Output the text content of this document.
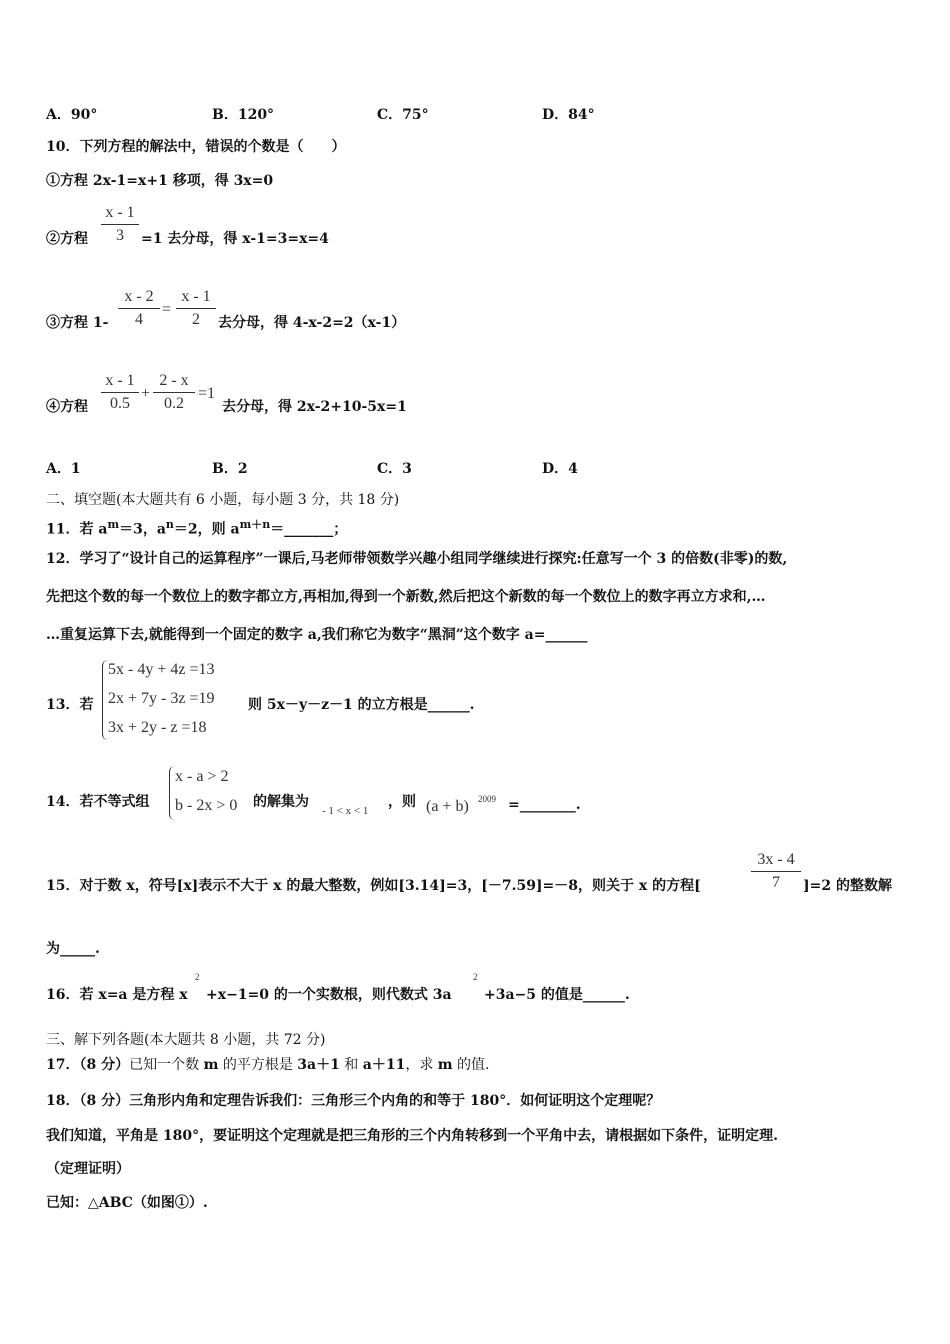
A．90°	B．120°	C．75°	D．84°
10．下列方程的解法中，错误的个数是（　　）
①方程 2x-1=x+1 移项，得 3x=0
②方程
x - 1
3	=1 去分母，得 x-1=3=x=4
③方程 1-
x - 2
4
=
x - 1
2	去分母，得 4-x-2=2（x-1）
④方程
x - 1
0.5
+
2 - x
0.2
=1
去分母，得 2x-2+10-5x=1
A．1	B．2	C．3	D．4
二、填空题(本大题共有 6 小题，每小题 3 分，共 18 分)
11．若 $a^m=3$，$a^n=2$，则 $a^{m+n}=\_\_\_\_\_\_\_$；
12．学习了“设计自己的运算程序”一课后,马老师带领数学兴趣小组同学继续进行探究:任意写一个 3 的倍数(非零)的数,
先把这个数的每一个数位上的数字都立方,再相加,得到一个新数,然后把这个新数的每一个数位上的数字再立方求和,…
…重复运算下去,就能得到一个固定的数字 a,我们称它为数字“黑洞”这个数字 a=______
13．若
5x - 4y + 4z =13
2x + 7y - 3z =19
3x + 2y - z =18
则 5x－y－z－1 的立方根是______.
14．若不等式组
x - a > 2
b - 2x > 0 的解集为
- 1 < x < 1
，则 (a + b) 2009 =________.
15．对于数 x，符号[x]表示不大于 x 的最大整数，例如[3.14]=3，[－7.59]=－8，则关于 x 的方程[
3x - 4
7	]=2 的整数解
为_____.
16．若 x=a 是方程 x
2
+x−1=0 的一个实数根，则代数式 3a
2
+3a−5 的值是______.
三、解下列各题(本大题共 8 小题，共 72 分)
17．（8 分）已知一个数 m 的平方根是 3a＋1 和 a＋11，求 m 的值.
18．（8 分）三角形内角和定理告诉我们：三角形三个内角的和等于 180°．如何证明这个定理呢？
我们知道，平角是 180°，要证明这个定理就是把三角形的三个内角转移到一个平角中去，请根据如下条件，证明定理.
（定理证明）
已知：△ABC（如图①）.
